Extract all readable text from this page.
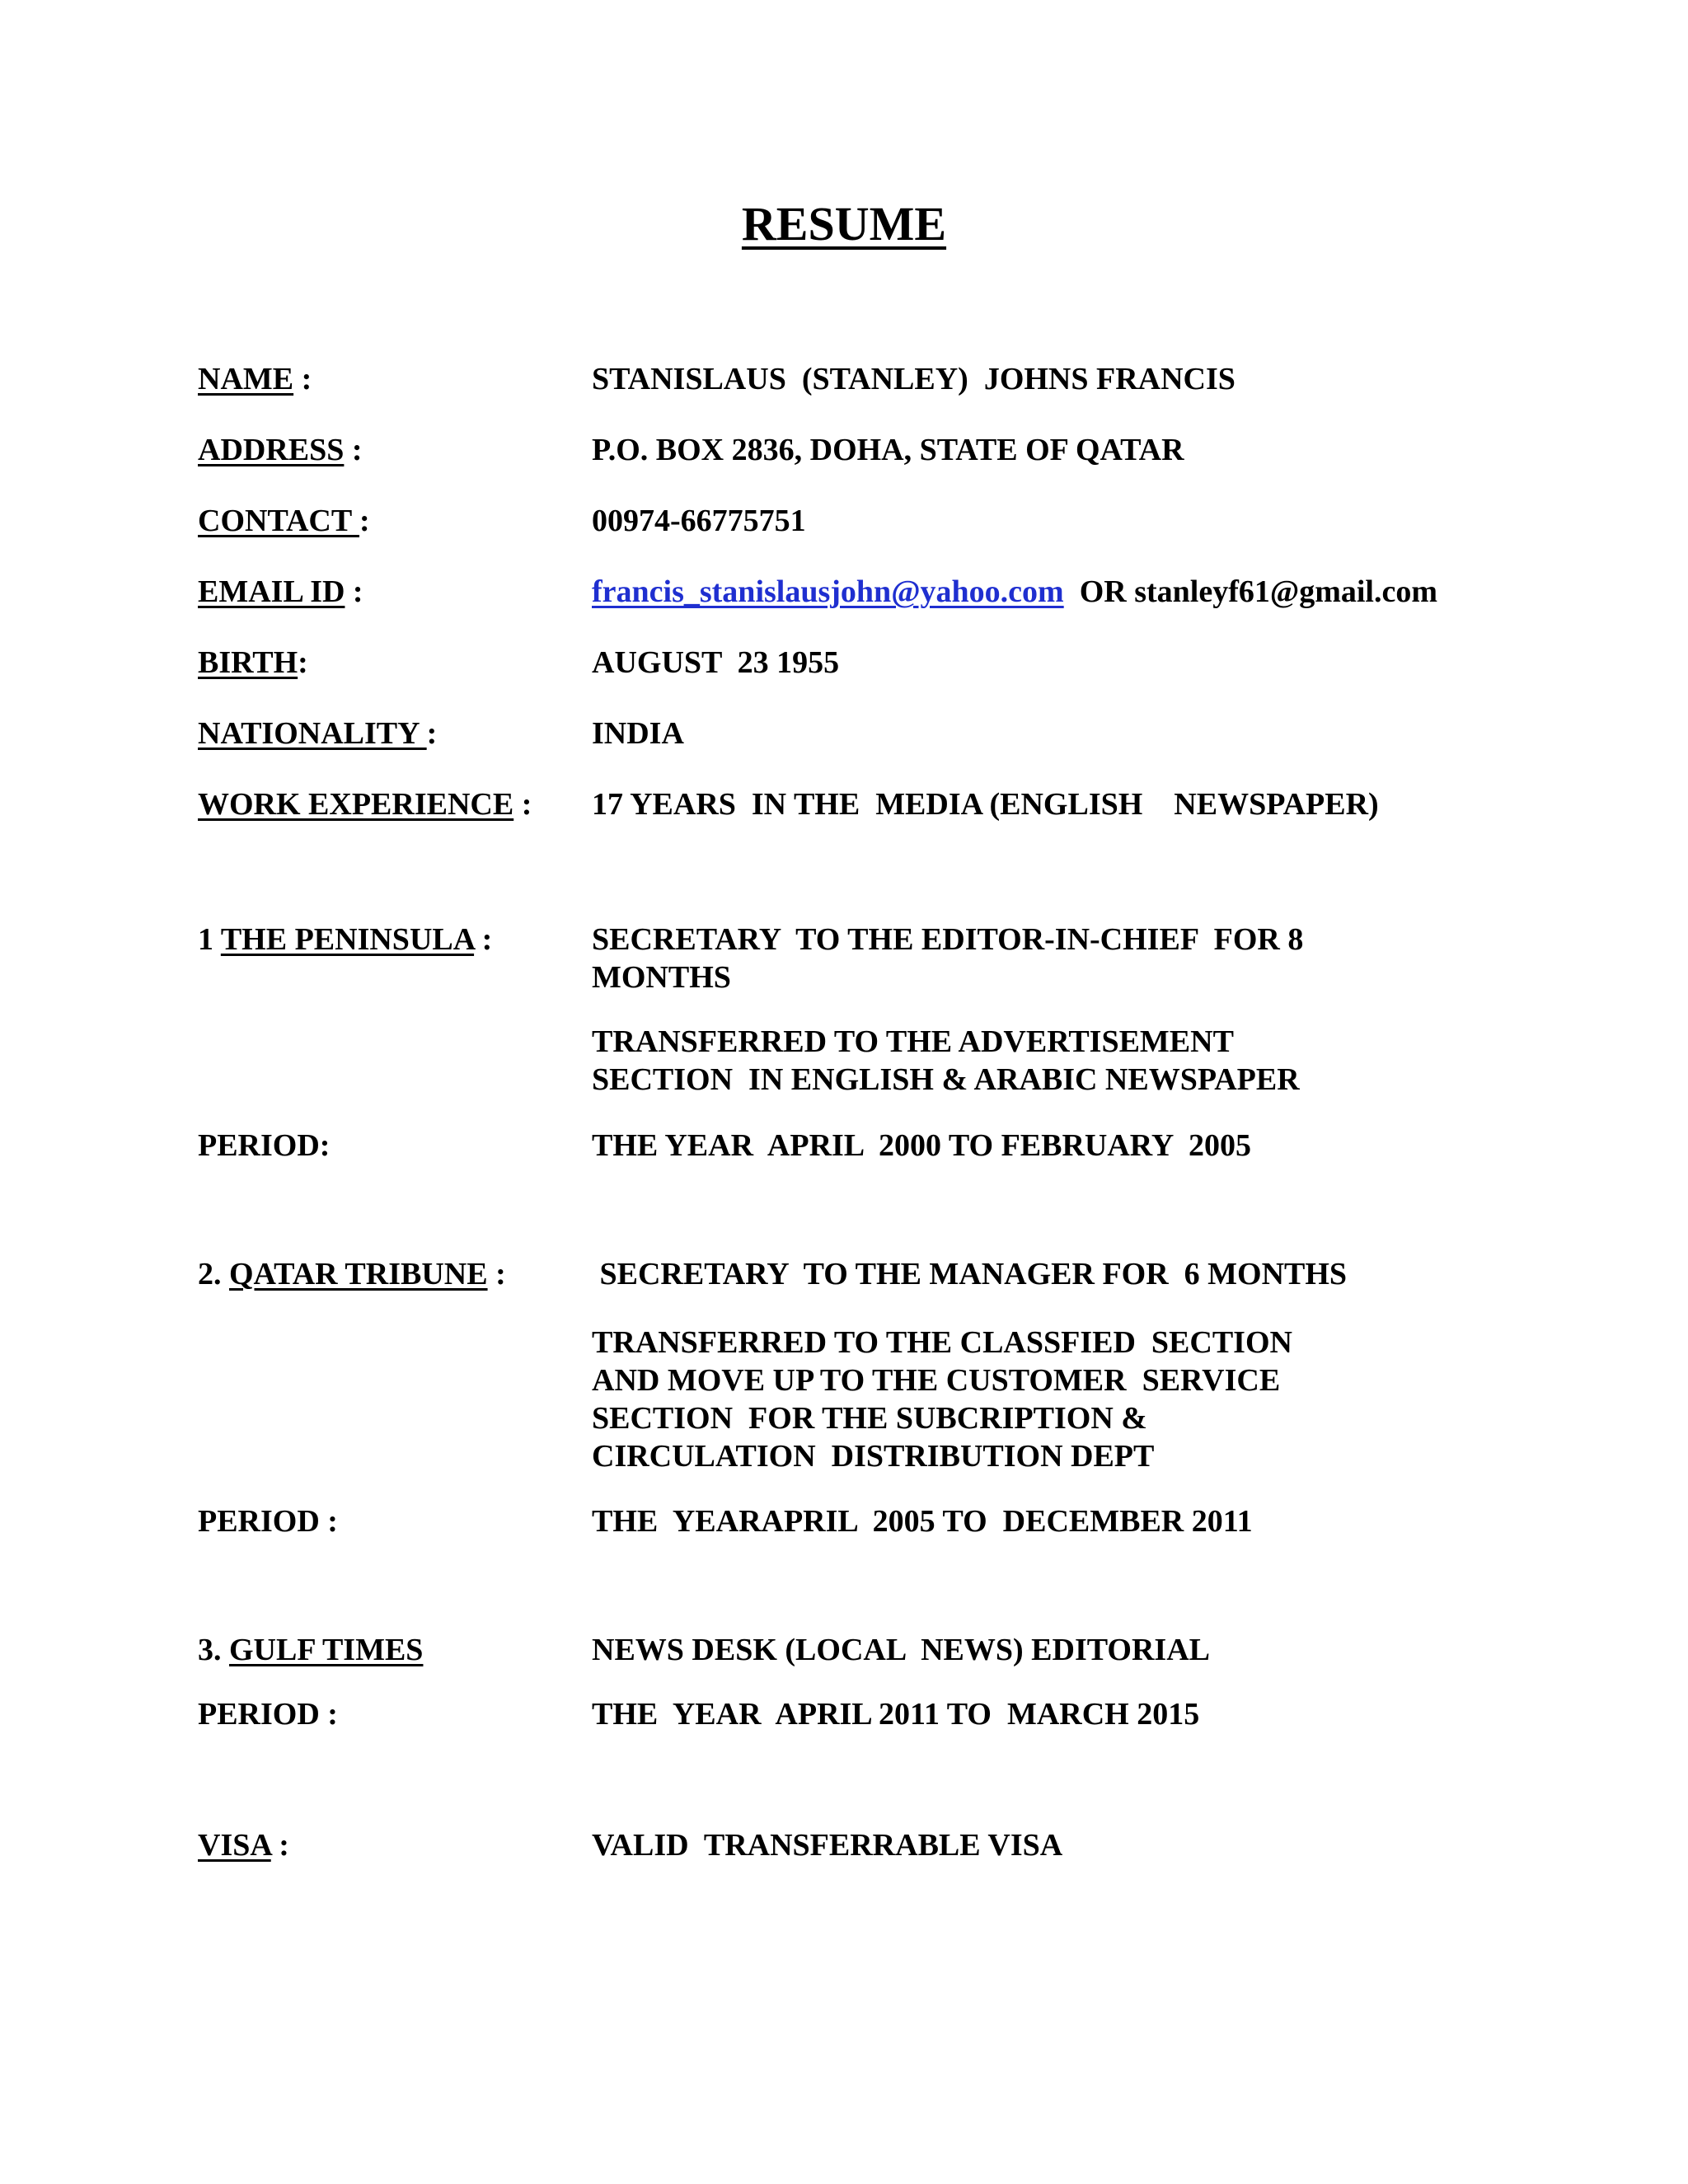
RESUME
NAME :	STANISLAUS  (STANLEY)  JOHNS FRANCIS
ADDRESS :	P.O. BOX 2836, DOHA, STATE OF QATAR
CONTACT :	00974-66775751
EMAIL ID :	francis_stanislausjohn@yahoo.com  OR stanleyf61@gmail.com
BIRTH:	AUGUST  23 1955
NATIONALITY :	INDIA
WORK EXPERIENCE : 17 YEARS  IN THE  MEDIA (ENGLISH    NEWSPAPER)
1 THE PENINSULA :	SECRETARY  TO THE EDITOR-IN-CHIEF  FOR 8
MONTHS
TRANSFERRED TO THE ADVERTISEMENT
SECTION  IN ENGLISH & ARABIC NEWSPAPER
PERIOD:	THE YEAR  APRIL  2000 TO FEBRUARY  2005
2. QATAR TRIBUNE :	SECRETARY  TO THE MANAGER FOR  6 MONTHS
TRANSFERRED TO THE CLASSFIED  SECTION
AND MOVE UP TO THE CUSTOMER  SERVICE
SECTION  FOR THE SUBCRIPTION &
CIRCULATION  DISTRIBUTION DEPT
PERIOD :	THE  YEARAPRIL  2005 TO  DECEMBER 2011
3. GULF TIMES	NEWS DESK (LOCAL  NEWS) EDITORIAL
PERIOD :	THE  YEAR  APRIL 2011 TO  MARCH 2015
VISA :	VALID  TRANSFERRABLE VISA
